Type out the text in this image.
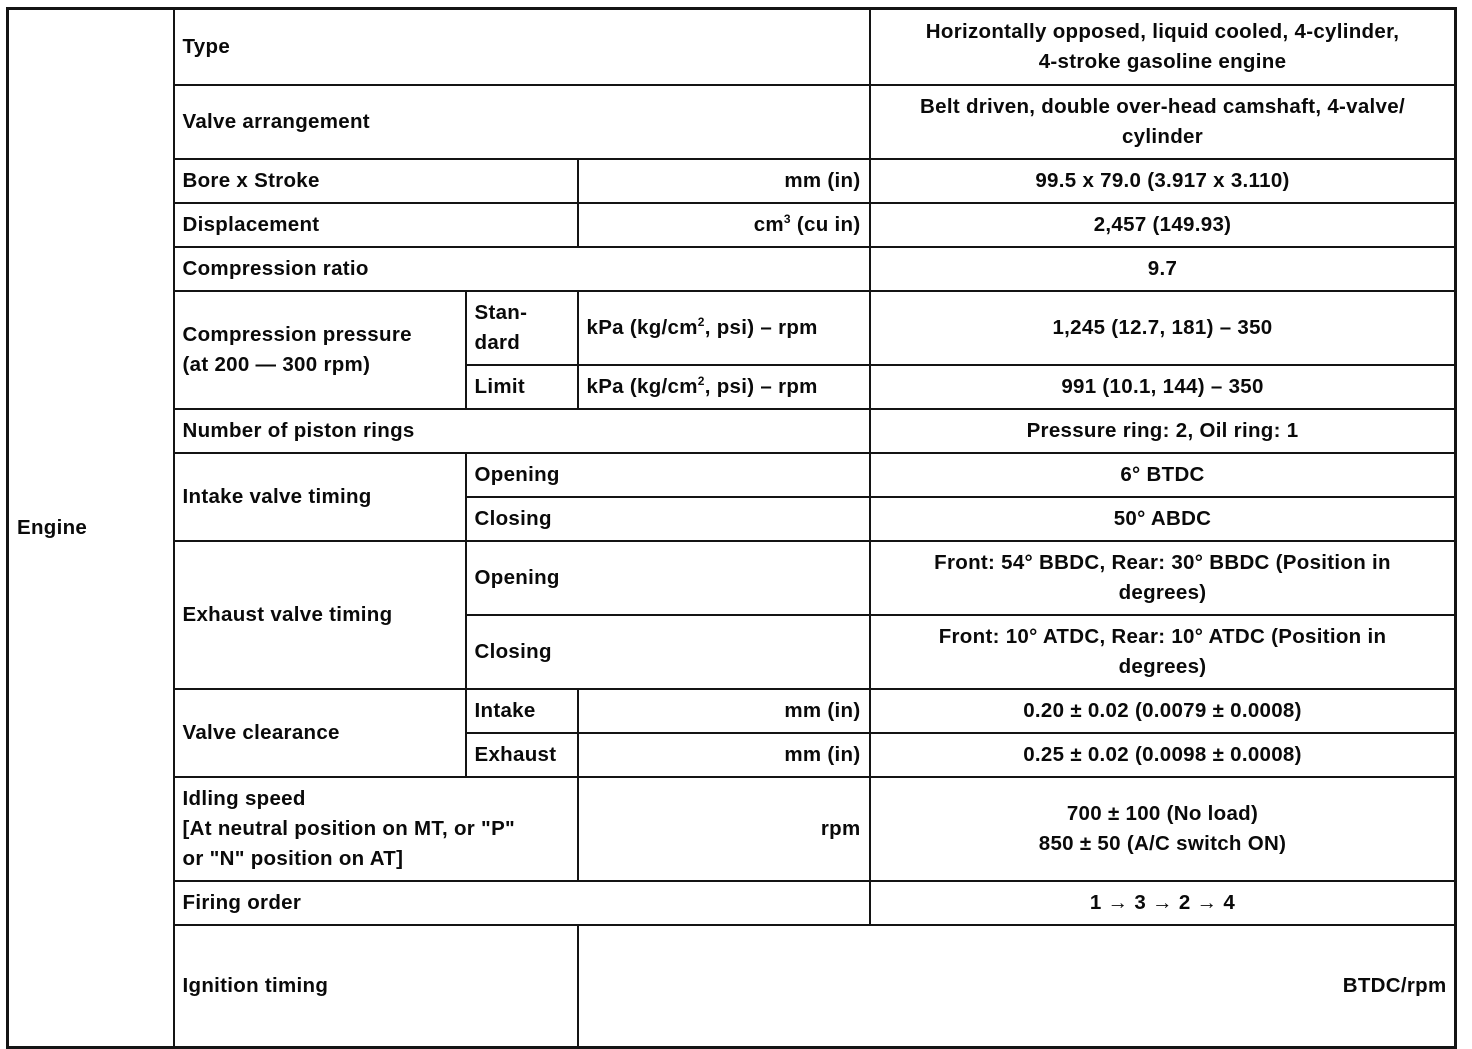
Engine	Type			Horizontally opposed, liquid cooled, 4-cylinder,
4-stroke gasoline engine	

	Valve arrangement			Belt driven, double over-head camshaft, 4-valve/
cylinder	

	Bore x Stroke		mm (in)	99.5 x 79.0 (3.917 x 3.110)	
	Displacement		$cm^3$ (cu in)	2,457 (149.93)	
	Compression ratio			9.7	

	Compression pressure
(at 200 — 300 rpm)	Stan-
dard	kPa ($kg/cm^2$, psi) – rpm	1,245 (12.7, 181) – 350	
		Limit	kPa ($kg/cm^2$, psi) – rpm	991 (10.1, 144) – 350	
	Number of piston rings			Pressure ring: 2, Oil ring: 1	
	Intake valve timing	Opening		6° BTDC	
		Closing		50° ABDC	
	Exhaust valve timing	Opening		Front: 54° BBDC, Rear: 30° BBDC (Position in
degrees)	

		Closing		Front: 10° ATDC, Rear: 10° ATDC (Position in
degrees)	

	Valve clearance	Intake	mm (in)	0.20 ± 0.02 (0.0079 ± 0.0008)	
		Exhaust	mm (in)	0.25 ± 0.02 (0.0098 ± 0.0008)	

	Idling speed
[At neutral position on MT, or "P"
or "N" position on AT]		rpm	700 ± 100 (No load)
850 ± 50 (A/C switch ON)	

	Firing order			1 → 3 → 2 → 4	
	Ignition timing		BTDC/rpm	
